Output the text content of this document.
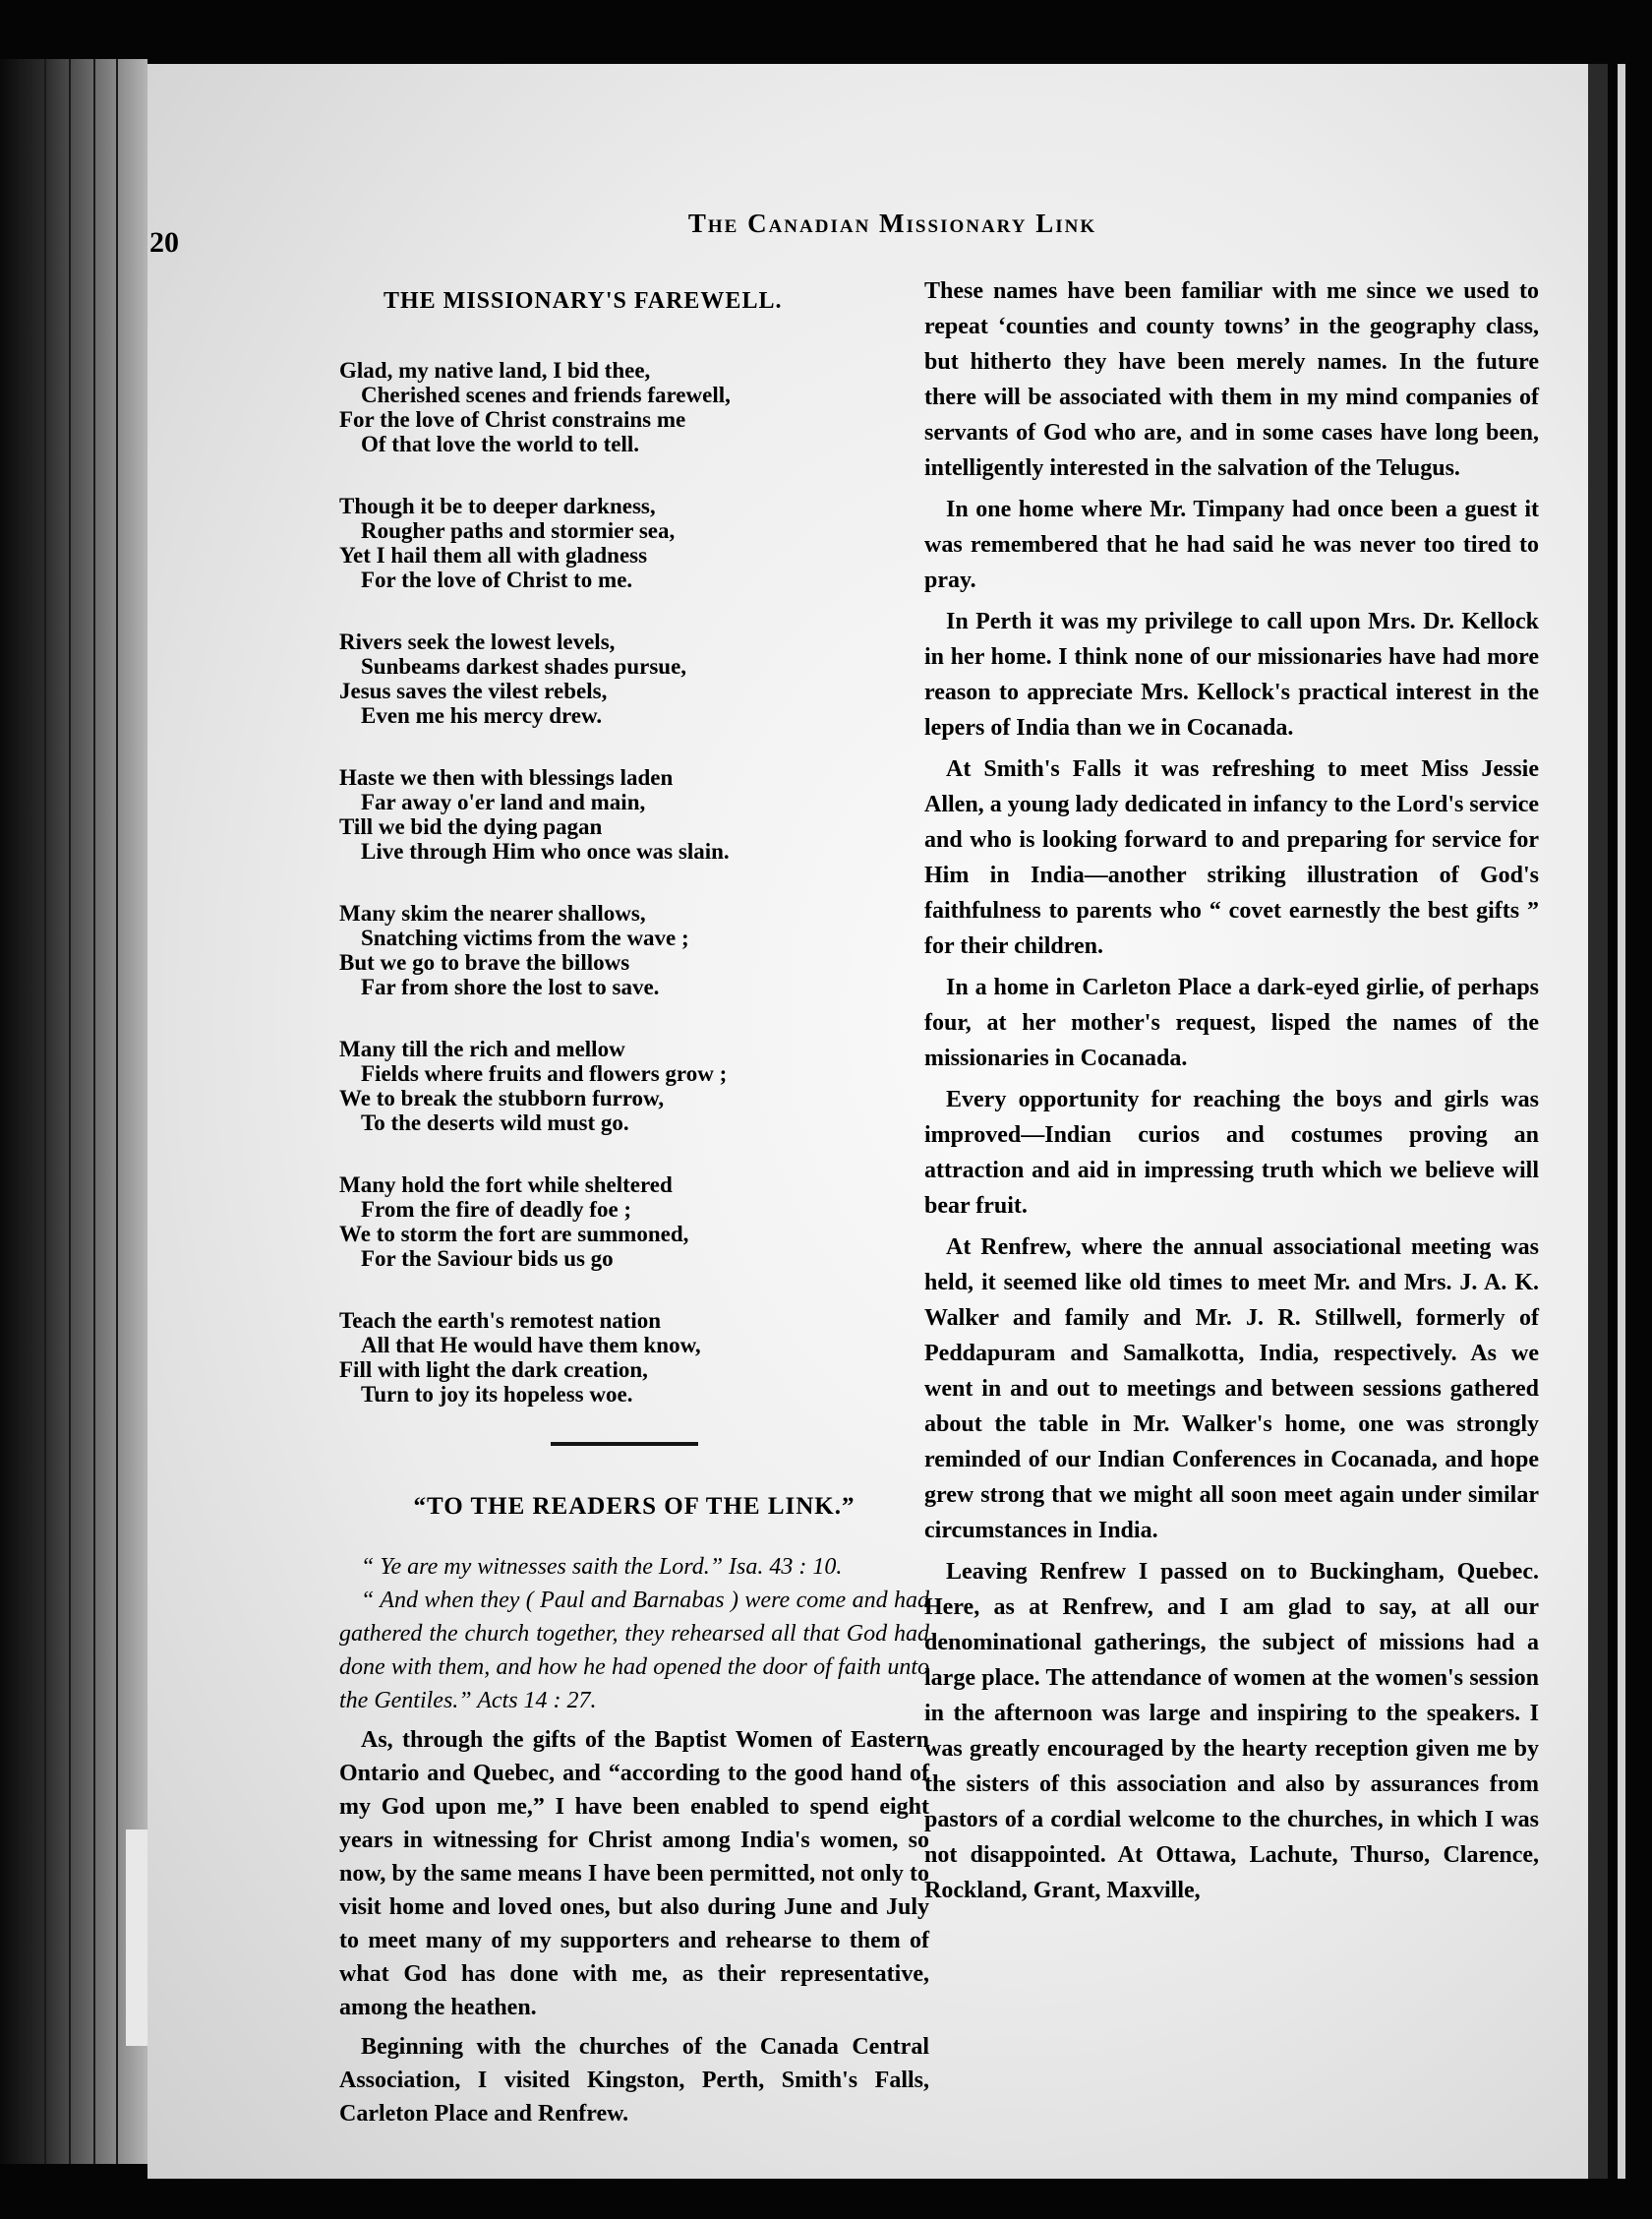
20
The Canadian Missionary Link
THE MISSIONARY'S FAREWELL.
Glad, my native land, I bid thee,
Cherished scenes and friends farewell,
For the love of Christ constrains me
Of that love the world to tell.
Though it be to deeper darkness,
Rougher paths and stormier sea,
Yet I hail them all with gladness
For the love of Christ to me.
Rivers seek the lowest levels,
Sunbeams darkest shades pursue,
Jesus saves the vilest rebels,
Even me his mercy drew.
Haste we then with blessings laden
Far away o'er land and main,
Till we bid the dying pagan
Live through Him who once was slain.
Many skim the nearer shallows,
Snatching victims from the wave ;
But we go to brave the billows
Far from shore the lost to save.
Many till the rich and mellow
Fields where fruits and flowers grow ;
We to break the stubborn furrow,
To the deserts wild must go.
Many hold the fort while sheltered
From the fire of deadly foe ;
We to storm the fort are summoned,
For the Saviour bids us go
Teach the earth's remotest nation
All that He would have them know,
Fill with light the dark creation,
Turn to joy its hopeless woe.
“TO THE READERS OF THE LINK.”

“ Ye are my witnesses saith the Lord.” Isa. 43 : 10.

“ And when they ( Paul and Barnabas ) were come and had gathered the church together, they rehearsed all that God had done with them, and how he had opened the door of faith unto the Gentiles.” Acts 14 : 27.

As, through the gifts of the Baptist Women of Eastern Ontario and Quebec, and “according to the good hand of my God upon me,” I have been enabled to spend eight years in witnessing for Christ among India's women, so now, by the same means I have been permitted, not only to visit home and loved ones, but also during June and July to meet many of my supporters and rehearse to them of what God has done with me, as their representative, among the heathen.

Beginning with the churches of the Canada Central Association, I visited Kingston, Perth, Smith's Falls, Carleton Place and Renfrew.

These names have been familiar with me since we used to repeat ‘counties and county towns’ in the geography class, but hitherto they have been merely names. In the future there will be associated with them in my mind companies of servants of God who are, and in some cases have long been, intelligently interested in the salvation of the Telugus.

In one home where Mr. Timpany had once been a guest it was remembered that he had said he was never too tired to pray.

In Perth it was my privilege to call upon Mrs. Dr. Kellock in her home. I think none of our missionaries have had more reason to appreciate Mrs. Kellock's practical interest in the lepers of India than we in Cocanada.

At Smith's Falls it was refreshing to meet Miss Jessie Allen, a young lady dedicated in infancy to the Lord's service and who is looking forward to and preparing for service for Him in India—another striking illustration of God's faithfulness to parents who “ covet earnestly the best gifts ” for their children.

In a home in Carleton Place a dark-eyed girlie, of perhaps four, at her mother's request, lisped the names of the missionaries in Cocanada.

Every opportunity for reaching the boys and girls was improved—Indian curios and costumes proving an attraction and aid in impressing truth which we believe will bear fruit.

At Renfrew, where the annual associational meeting was held, it seemed like old times to meet Mr. and Mrs. J. A. K. Walker and family and Mr. J. R. Stillwell, formerly of Peddapuram and Samalkotta, India, respectively. As we went in and out to meetings and between sessions gathered about the table in Mr. Walker's home, one was strongly reminded of our Indian Conferences in Cocanada, and hope grew strong that we might all soon meet again under similar circumstances in India.

Leaving Renfrew I passed on to Buckingham, Quebec. Here, as at Renfrew, and I am glad to say, at all our denominational gatherings, the subject of missions had a large place. The attendance of women at the women's session in the afternoon was large and inspiring to the speakers. I was greatly encouraged by the hearty reception given me by the sisters of this association and also by assurances from pastors of a cordial welcome to the churches, in which I was not disappointed. At Ottawa, Lachute, Thurso, Clarence, Rockland, Grant, Maxville,
